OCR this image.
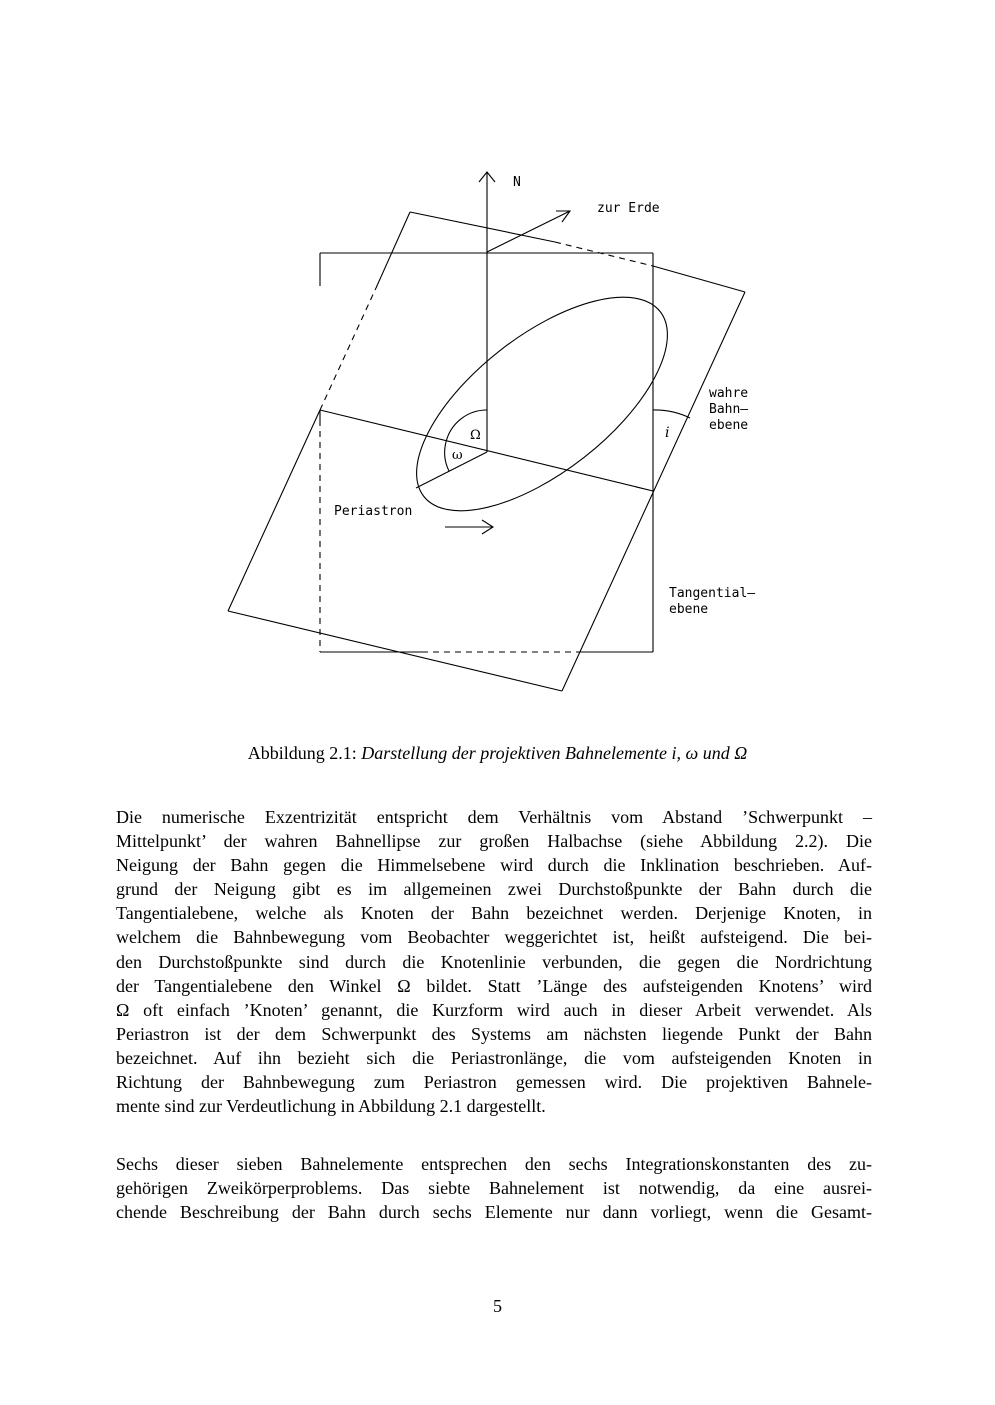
N
zur Erde
wahre
Bahn–
ebene
Tangential–
ebene
Periastron
Ω
ω
i
Abbildung 2.1: Darstellung der projektiven Bahnelemente i, ω und Ω
Die numerische Exzentrizität entspricht dem Verhältnis vom Abstand ’Schwerpunkt –
Mittelpunkt’ der wahren Bahnellipse zur großen Halbachse (siehe Abbildung 2.2). Die
Neigung der Bahn gegen die Himmelsebene wird durch die Inklination beschrieben. Auf-
grund der Neigung gibt es im allgemeinen zwei Durchstoßpunkte der Bahn durch die
Tangentialebene, welche als Knoten der Bahn bezeichnet werden. Derjenige Knoten, in
welchem die Bahnbewegung vom Beobachter weggerichtet ist, heißt aufsteigend. Die bei-
den Durchstoßpunkte sind durch die Knotenlinie verbunden, die gegen die Nordrichtung
der Tangentialebene den Winkel Ω bildet. Statt ’Länge des aufsteigenden Knotens’ wird
Ω oft einfach ’Knoten’ genannt, die Kurzform wird auch in dieser Arbeit verwendet. Als
Periastron ist der dem Schwerpunkt des Systems am nächsten liegende Punkt der Bahn
bezeichnet. Auf ihn bezieht sich die Periastronlänge, die vom aufsteigenden Knoten in
Richtung der Bahnbewegung zum Periastron gemessen wird. Die projektiven Bahnele-
mente sind zur Verdeutlichung in Abbildung 2.1 dargestellt.
Sechs dieser sieben Bahnelemente entsprechen den sechs Integrationskonstanten des zu-
gehörigen Zweikörperproblems. Das siebte Bahnelement ist notwendig, da eine ausrei-
chende Beschreibung der Bahn durch sechs Elemente nur dann vorliegt, wenn die Gesamt-
5
